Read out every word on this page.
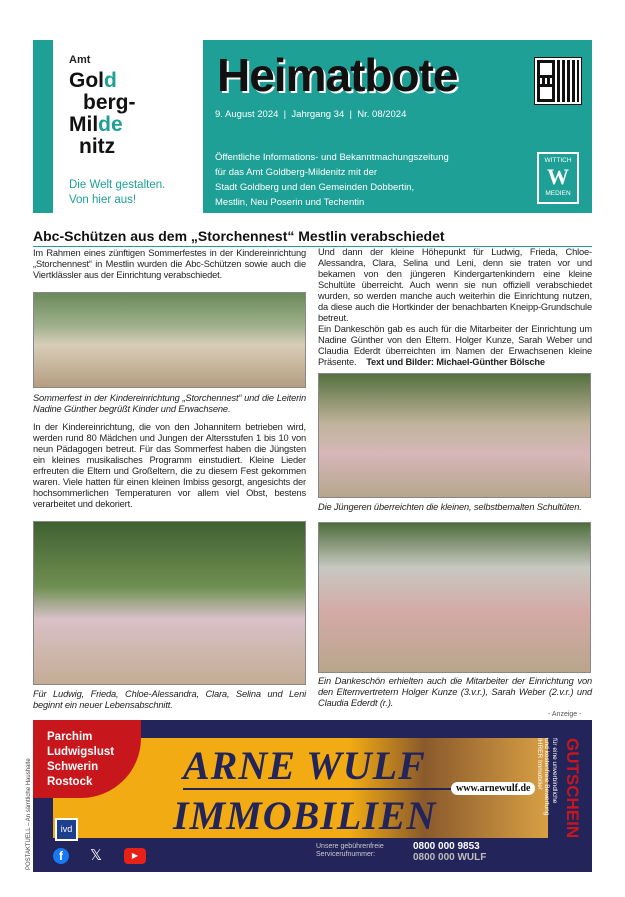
Amt
Gold
berg-
Milde
nitz
Die Welt gestalten.
Von hier aus!
Heimatbote
9. August 2024  |  Jahrgang 34  |  Nr. 08/2024
Öffentliche Informations- und Bekanntmachungszeitung
für das Amt Goldberg-Mildenitz mit der
Stadt Goldberg und den Gemeinden Dobbertin,
Mestlin, Neu Poserin und Techentin
WITTICH
W
MEDIEN
Abc-Schützen aus dem „Storchennest“ Mestlin verabschiedet
Im Rahmen eines zünftigen Sommerfestes in der Kindereinrichtung „Storchennest“ in Mestlin wurden die Abc-Schützen sowie auch die Viertklässler aus der Einrichtung verabschiedet.
Sommerfest in der Kindereinrichtung „Storchennest“ und die Leiterin Nadine Günther begrüßt Kinder und Erwachsene.
In der Kindereinrichtung, die von den Johannitern betrieben wird, werden rund 80 Mädchen und Jungen der Altersstufen 1 bis 10 von neun Pädagogen betreut. Für das Sommerfest haben die Jüngsten ein kleines musikalisches Programm einstudiert. Kleine Lieder erfreuten die Eltern und Großeltern, die zu diesem Fest gekommen waren. Viele hatten für einen kleinen Imbiss gesorgt, angesichts der hochsommerlichen Temperaturen vor allem viel Obst, bestens verarbeitet und dekoriert.
Für Ludwig, Frieda, Chloe-Alessandra, Clara, Selina und Leni beginnt ein neuer Lebensabschnitt.
Und dann der kleine Höhepunkt für Ludwig, Frieda, Chloe-Alessandra, Clara, Selina und Leni, denn sie traten vor und bekamen von den jüngeren Kindergartenkindern eine kleine Schultüte überreicht. Auch wenn sie nun offiziell verabschiedet wurden, so werden manche auch weiterhin die Einrichtung nutzen, da diese auch die Hortkinder der benachbarten Kneipp-Grundschule betreut.
Ein Dankeschön gab es auch für die Mitarbeiter der Einrichtung um Nadine Günther von den Eltern. Holger Kunze, Sarah Weber und Claudia Ederdt überreichten im Namen der Erwachsenen kleine Präsente. Text und Bilder: Michael-Günther Bölsche
Die Jüngeren überreichten die kleinen, selbstbemalten Schultüten.
Ein Dankeschön erhielten auch die Mitarbeiter der Einrichtung von den Elternvertretern Holger Kunze (3.v.r.), Sarah Weber (2.v.r.) und Claudia Ederdt (r.).
- Anzeige -
Parchim
Ludwigslust
Schwerin
Rostock	ARNE WULF
IMMOBILIEN
www.arnewulf.de
ivd
f	𝕏	▶
Unsere gebührenfreie
Servicerufnummer:
0800 000 9853
0800 000 WULF
GUTSCHEIN
für eine unverbindliche
und kostenfreie Bewertung
IHRER Immobilie!
POSTAKTUELL – An sämtliche Haushalte
